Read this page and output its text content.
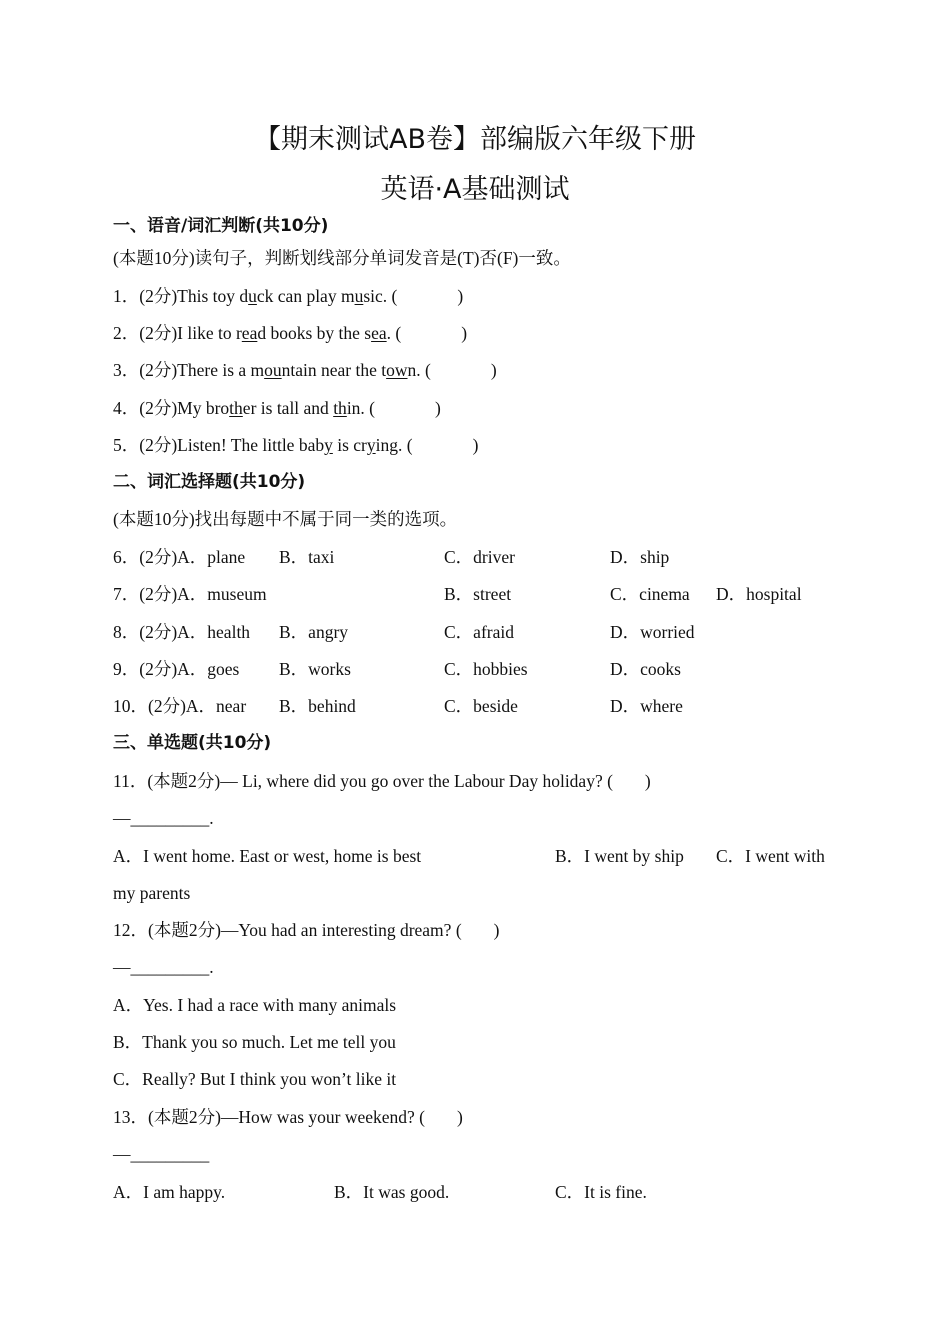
【期末测试AB卷】部编版六年级下册
英语·A基础测试
一、语音/词汇判断(共10分)
(本题10分)读句子，判断划线部分单词发音是(T)否(F)一致。
1．(2分)This toy duck can play music. (	)
2．(2分)I like to read books by the sea. (	)
3．(2分)There is a mountain near the town. (	)
4．(2分)My brother is tall and thin. (	)
5．(2分)Listen! The little baby is crying. (	)
二、词汇选择题(共10分)
(本题10分)找出每题中不属于同一类的选项。
6．(2分)A．plane B．taxi	C．driver	D．ship
7．(2分)A．museum	B．street	C．cinema D．hospital
8．(2分)A．health B．angry	C．afraid	D．worried
9．(2分)A．goes B．works	C．hobbies	D．cooks
10．(2分)A．near B．behind	C．beside	D．where
三、单选题(共10分)
11．(本题2分)— Li, where did you go over the Labour Day holiday? ( )
—_________.
A．I went home. East or west, home is best	B．I went by ship C．I went with
my parents
12．(本题2分)—You had an interesting dream? ( )
—_________.
A．Yes. I had a race with many animals
B．Thank you so much. Let me tell you
C．Really? But I think you won’t like it
13．(本题2分)—How was your weekend? ( )
—_________
A．I am happy.	B．It was good.	C．It is fine.
